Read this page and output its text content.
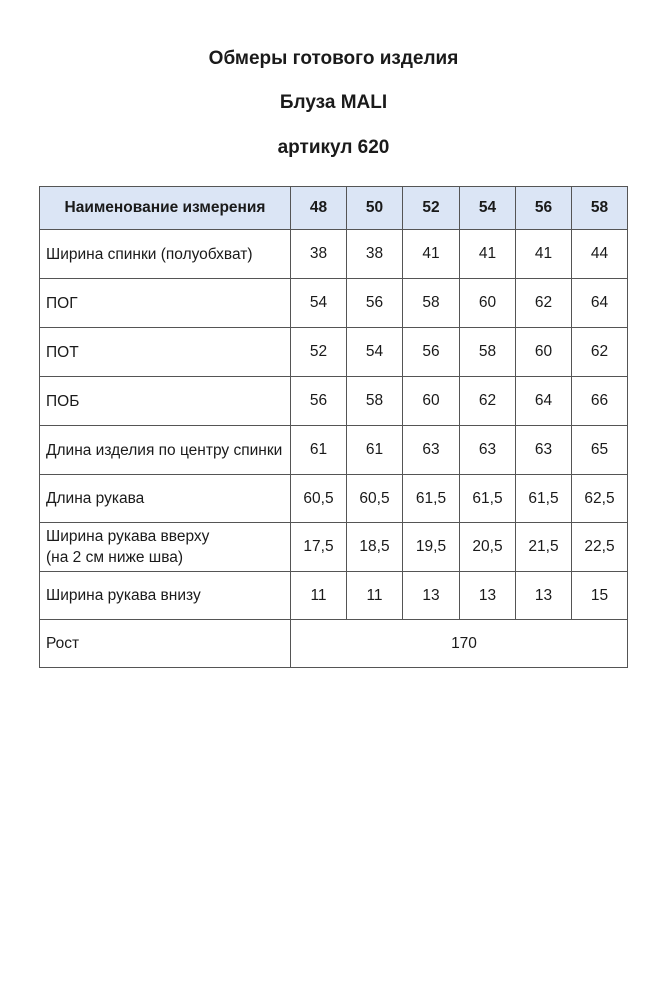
Обмеры готового изделия
Блуза MALI
артикул 620
Наименование измерения	48	50	52	54	56	58
Ширина спинки (полуобхват)	38	38	41	41	41	44
ПОГ	54	56	58	60	62	64
ПОТ	52	54	56	58	60	62
ПОБ	56	58	60	62	64	66
Длина изделия по центру спинки	61	61	63	63	63	65
Длина рукава	60,5	60,5	61,5	61,5	61,5	62,5
Ширина рукава вверху
(на 2 см ниже шва)	17,5	18,5	19,5	20,5	21,5	22,5
Ширина рукава внизу	11	11	13	13	13	15
Рост	170					
